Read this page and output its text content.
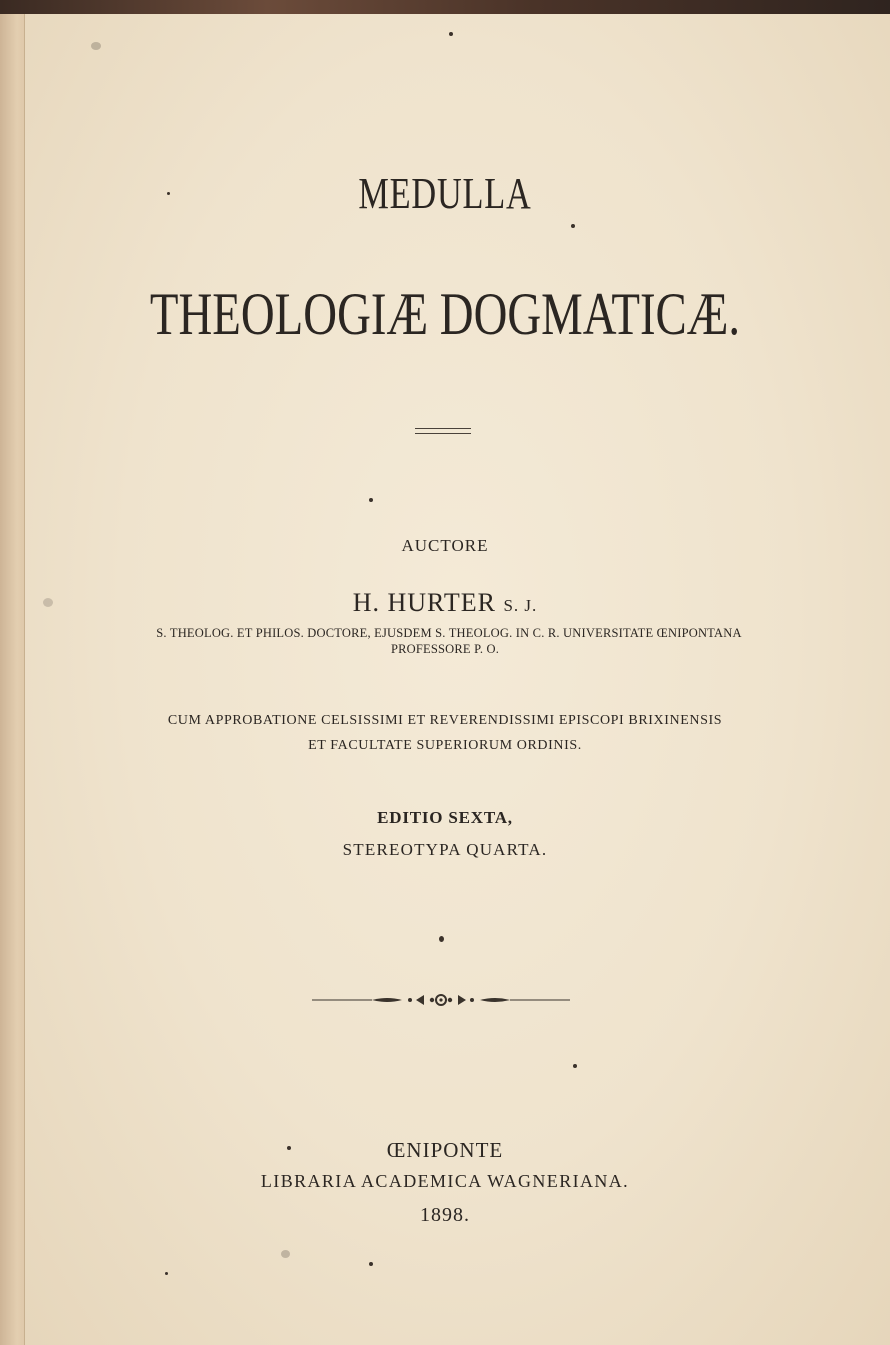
MEDULLA
THEOLOGIÆ DOGMATICÆ.
AUCTORE
H. HURTER S. J.
S. THEOLOG. ET PHILOS. DOCTORE, EJUSDEM S. THEOLOG. IN C. R. UNIVERSITATE ŒNIPONTANA
PROFESSORE P. O.
CUM APPROBATIONE CELSISSIMI ET REVERENDISSIMI EPISCOPI BRIXINENSIS
ET FACULTATE SUPERIORUM ORDINIS.
EDITIO SEXTA,
STEREOTYPA QUARTA.
ŒNIPONTE
LIBRARIA ACADEMICA WAGNERIANA.
1898.
